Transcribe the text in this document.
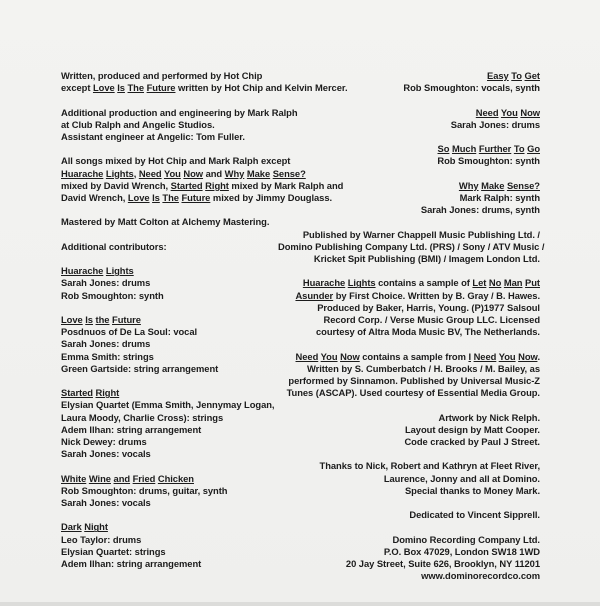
Written, produced and performed by Hot Chip
except Love Is The Future written by Hot Chip and Kelvin Mercer.
Additional production and engineering by Mark Ralph
at Club Ralph and Angelic Studios.
Assistant engineer at Angelic: Tom Fuller.
All songs mixed by Hot Chip and Mark Ralph except
Huarache Lights, Need You Now and Why Make Sense?
mixed by David Wrench, Started Right mixed by Mark Ralph and
David Wrench, Love Is The Future mixed by Jimmy Douglass.
Mastered by Matt Colton at Alchemy Mastering.
Additional contributors:
Huarache Lights
Sarah Jones: drums
Rob Smoughton: synth
Love Is the Future
Posdnuos of De La Soul: vocal
Sarah Jones: drums
Emma Smith: strings
Green Gartside: string arrangement
Started Right
Elysian Quartet (Emma Smith, Jennymay Logan,
Laura Moody, Charlie Cross): strings
Adem Ilhan: string arrangement
Nick Dewey: drums
Sarah Jones: vocals
White Wine and Fried Chicken
Rob Smoughton: drums, guitar, synth
Sarah Jones: vocals
Dark Night
Leo Taylor: drums
Elysian Quartet: strings
Adem Ilhan: string arrangement
Easy To Get
Rob Smoughton: vocals, synth
Need You Now
Sarah Jones: drums
So Much Further To Go
Rob Smoughton: synth
Why Make Sense?
Mark Ralph: synth
Sarah Jones: drums, synth
Published by Warner Chappell Music Publishing Ltd. /
Domino Publishing Company Ltd. (PRS) / Sony / ATV Music /
Kricket Spit Publishing (BMI) / Imagem London Ltd.
Huarache Lights contains a sample of Let No Man Put
Asunder by First Choice. Written by B. Gray / B. Hawes.
Produced by Baker, Harris, Young. (P)1977 Salsoul
Record Corp. / Verse Music Group LLC. Licensed
courtesy of Altra Moda Music BV, The Netherlands.
Need You Now contains a sample from I Need You Now.
Written by S. Cumberbatch / H. Brooks / M. Bailey, as
performed by Sinnamon. Published by Universal Music-Z
Tunes (ASCAP). Used courtesy of Essential Media Group.
Artwork by Nick Relph.
Layout design by Matt Cooper.
Code cracked by Paul J Street.
Thanks to Nick, Robert and Kathryn at Fleet River,
Laurence, Jonny and all at Domino.
Special thanks to Money Mark.
Dedicated to Vincent Sipprell.
Domino Recording Company Ltd.
P.O. Box 47029, London SW18 1WD
20 Jay Street, Suite 626, Brooklyn, NY 11201
www.dominorecordco.com
